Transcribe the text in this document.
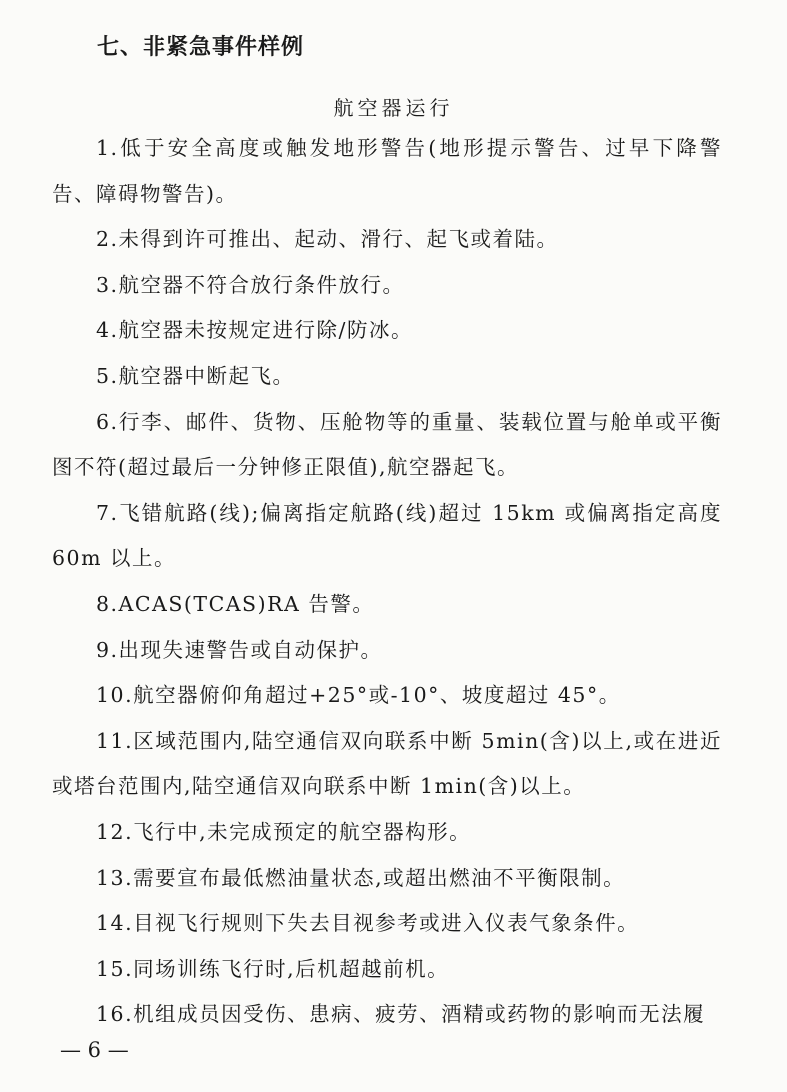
七、非紧急事件样例
航空器运行

1.低于安全高度或触发地形警告(地形提示警告、过早下降警告、障碍物警告)。

2.未得到许可推出、起动、滑行、起飞或着陆。

3.航空器不符合放行条件放行。

4.航空器未按规定进行除/防冰。

5.航空器中断起飞。

6.行李、邮件、货物、压舱物等的重量、装载位置与舱单或平衡图不符(超过最后一分钟修正限值),航空器起飞。

7.飞错航路(线);偏离指定航路(线)超过 15km 或偏离指定高度 60m 以上。

8.ACAS(TCAS)RA 告警。

9.出现失速警告或自动保护。

10.航空器俯仰角超过+25°或-10°、坡度超过 45°。

11.区域范围内,陆空通信双向联系中断 5min(含)以上,或在进近或塔台范围内,陆空通信双向联系中断 1min(含)以上。

12.飞行中,未完成预定的航空器构形。

13.需要宣布最低燃油量状态,或超出燃油不平衡限制。

14.目视飞行规则下失去目视参考或进入仪表气象条件。

15.同场训练飞行时,后机超越前机。

16.机组成员因受伤、患病、疲劳、酒精或药物的影响而无法履

— 6 —
